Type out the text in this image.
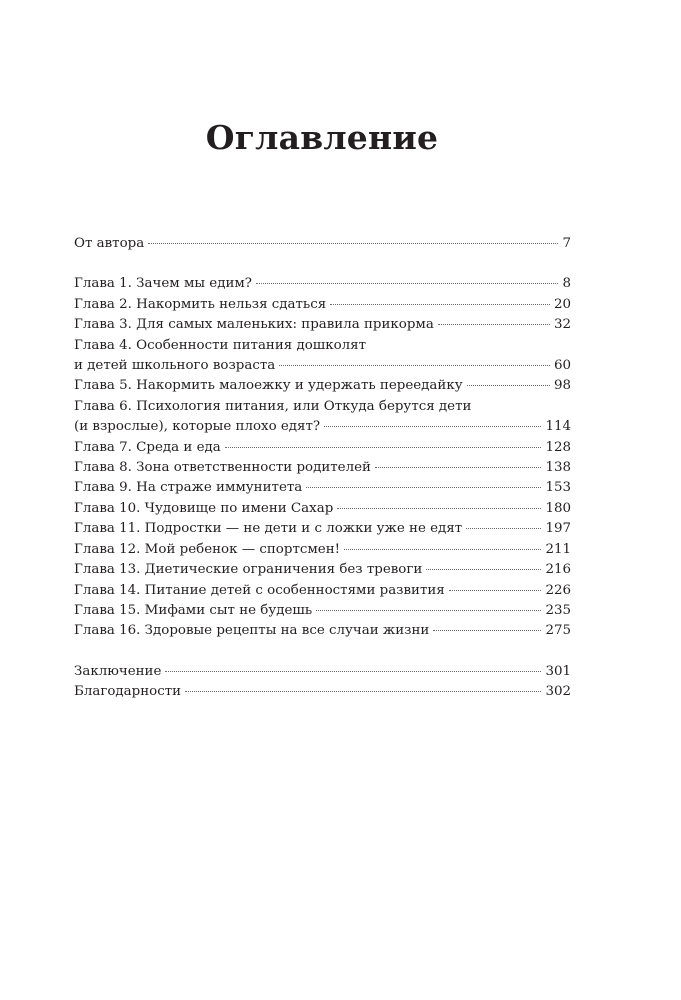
Оглавление
От автора	7
Глава 1. Зачем мы едим?	8
Глава 2. Накормить нельзя сдаться	20
Глава 3. Для самых маленьких: правила прикорма	32
Глава 4. Особенности питания дошколят
и детей школьного возраста	60
Глава 5. Накормить малоежку и удержать переедайку	98
Глава 6. Психология питания, или Откуда берутся дети
(и взрослые), которые плохо едят?	114
Глава 7. Среда и еда	128
Глава 8. Зона ответственности родителей	138
Глава 9. На страже иммунитета	153
Глава 10. Чудовище по имени Сахар	180
Глава 11. Подростки — не дети и с ложки уже не едят	197
Глава 12. Мой ребенок — спортсмен!	211
Глава 13. Диетические ограничения без тревоги	216
Глава 14. Питание детей с особенностями развития	226
Глава 15. Мифами сыт не будешь	235
Глава 16. Здоровые рецепты на все случаи жизни	275
Заключение	301
Благодарности	302
